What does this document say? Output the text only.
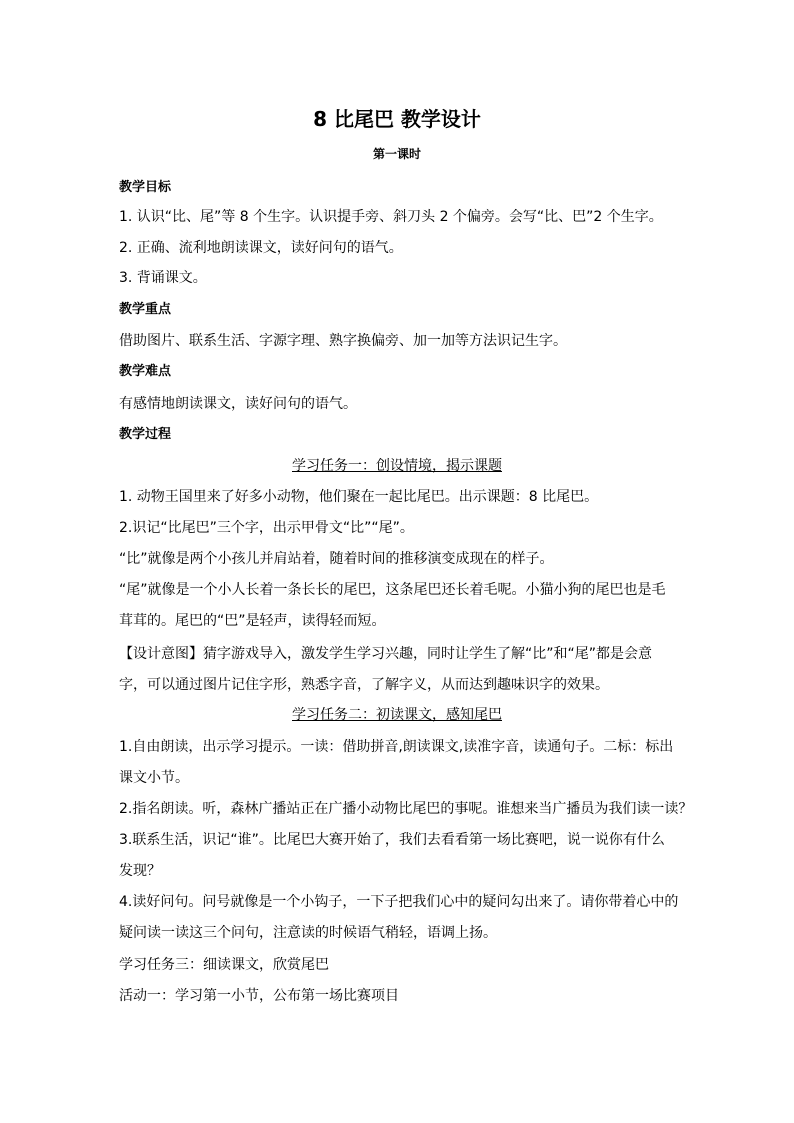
8 比尾巴 教学设计
第一课时
教学目标
1. 认识“比、尾”等 8 个生字。认识提手旁、斜刀头 2 个偏旁。会写“比、巴”2 个生字。
2. 正确、流利地朗读课文，读好问句的语气。
3. 背诵课文。
教学重点
借助图片、联系生活、字源字理、熟字换偏旁、加一加等方法识记生字。
教学难点
有感情地朗读课文，读好问句的语气。
教学过程
学习任务一：创设情境，揭示课题
1. 动物王国里来了好多小动物，他们聚在一起比尾巴。出示课题：8 比尾巴。
2.识记“比尾巴”三个字，出示甲骨文“比”“尾”。
“比”就像是两个小孩儿并肩站着，随着时间的推移演变成现在的样子。
“尾”就像是一个小人长着一条长长的尾巴，这条尾巴还长着毛呢。小猫小狗的尾巴也是毛
茸茸的。尾巴的“巴”是轻声，读得轻而短。
【设计意图】猜字游戏导入，激发学生学习兴趣，同时让学生了解“比”和“尾”都是会意
字，可以通过图片记住字形，熟悉字音，了解字义，从而达到趣味识字的效果。
学习任务二：初读课文，感知尾巴
1.自由朗读，出示学习提示。一读：借助拼音,朗读课文,读准字音，读通句子。二标：标出
课文小节。
2.指名朗读。听，森林广播站正在广播小动物比尾巴的事呢。谁想来当广播员为我们读一读？
3.联系生活，识记“谁”。比尾巴大赛开始了，我们去看看第一场比赛吧，说一说你有什么
发现？
4.读好问句。问号就像是一个小钩子，一下子把我们心中的疑问勾出来了。请你带着心中的
疑问读一读这三个问句，注意读的时候语气稍轻，语调上扬。
学习任务三：细读课文，欣赏尾巴
活动一：学习第一小节，公布第一场比赛项目
